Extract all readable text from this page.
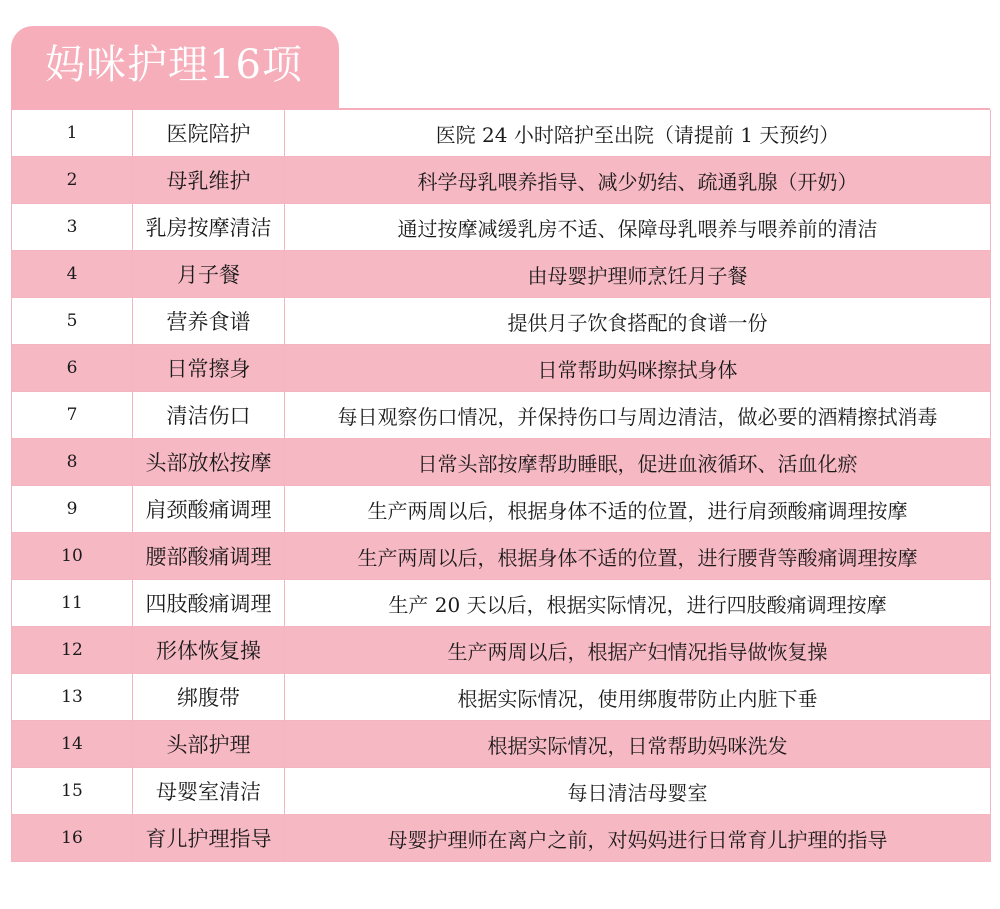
妈咪护理16项
1	医院陪护	医院 24 小时陪护至出院（请提前 1 天预约）
2	母乳维护	科学母乳喂养指导、减少奶结、疏通乳腺（开奶）
3	乳房按摩清洁	通过按摩减缓乳房不适、保障母乳喂养与喂养前的清洁
4	月子餐	由母婴护理师烹饪月子餐
5	营养食谱	提供月子饮食搭配的食谱一份
6	日常擦身	日常帮助妈咪擦拭身体
7	清洁伤口	每日观察伤口情况，并保持伤口与周边清洁，做必要的酒精擦拭消毒
8	头部放松按摩	日常头部按摩帮助睡眠，促进血液循环、活血化瘀
9	肩颈酸痛调理	生产两周以后，根据身体不适的位置，进行肩颈酸痛调理按摩
10	腰部酸痛调理	生产两周以后，根据身体不适的位置，进行腰背等酸痛调理按摩
11	四肢酸痛调理	生产 20 天以后，根据实际情况，进行四肢酸痛调理按摩
12	形体恢复操	生产两周以后，根据产妇情况指导做恢复操
13	绑腹带	根据实际情况，使用绑腹带防止内脏下垂
14	头部护理	根据实际情况，日常帮助妈咪洗发
15	母婴室清洁	每日清洁母婴室
16	育儿护理指导	母婴护理师在离户之前，对妈妈进行日常育儿护理的指导
